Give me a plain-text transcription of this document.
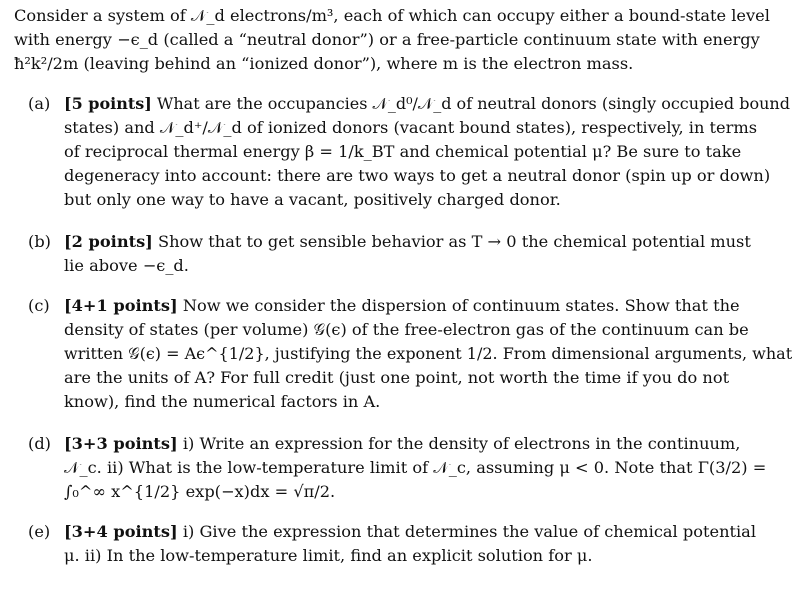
Consider a system of 𝒩_d electrons/m³, each of which can occupy either a bound-state level
with energy −ϵ_d (called a “neutral donor”) or a free-particle continuum state with energy
ħ²k²/2m (leaving behind an “ionized donor”), where m is the electron mass.
(a) [5 points] What are the occupancies 𝒩_d⁰/𝒩_d of neutral donors (singly occupied bound
states) and 𝒩_d⁺/𝒩_d of ionized donors (vacant bound states), respectively, in terms
of reciprocal thermal energy β = 1/k_BT and chemical potential μ? Be sure to take
degeneracy into account: there are two ways to get a neutral donor (spin up or down)
but only one way to have a vacant, positively charged donor.
(b) [2 points] Show that to get sensible behavior as T → 0 the chemical potential must
lie above −ϵ_d.
(c) [4+1 points] Now we consider the dispersion of continuum states. Show that the
density of states (per volume) 𝒢(ϵ) of the free-electron gas of the continuum can be
written 𝒢(ϵ) = Aϵ^{1/2}, justifying the exponent 1/2. From dimensional arguments, what
are the units of A? For full credit (just one point, not worth the time if you do not
know), find the numerical factors in A.
(d) [3+3 points] i) Write an expression for the density of electrons in the continuum,
𝒩_c. ii) What is the low-temperature limit of 𝒩_c, assuming μ < 0. Note that Γ(3/2) =
∫₀^∞ x^{1/2} exp(−x)dx = √π/2.
(e) [3+4 points] i) Give the expression that determines the value of chemical potential
μ. ii) In the low-temperature limit, find an explicit solution for μ.
